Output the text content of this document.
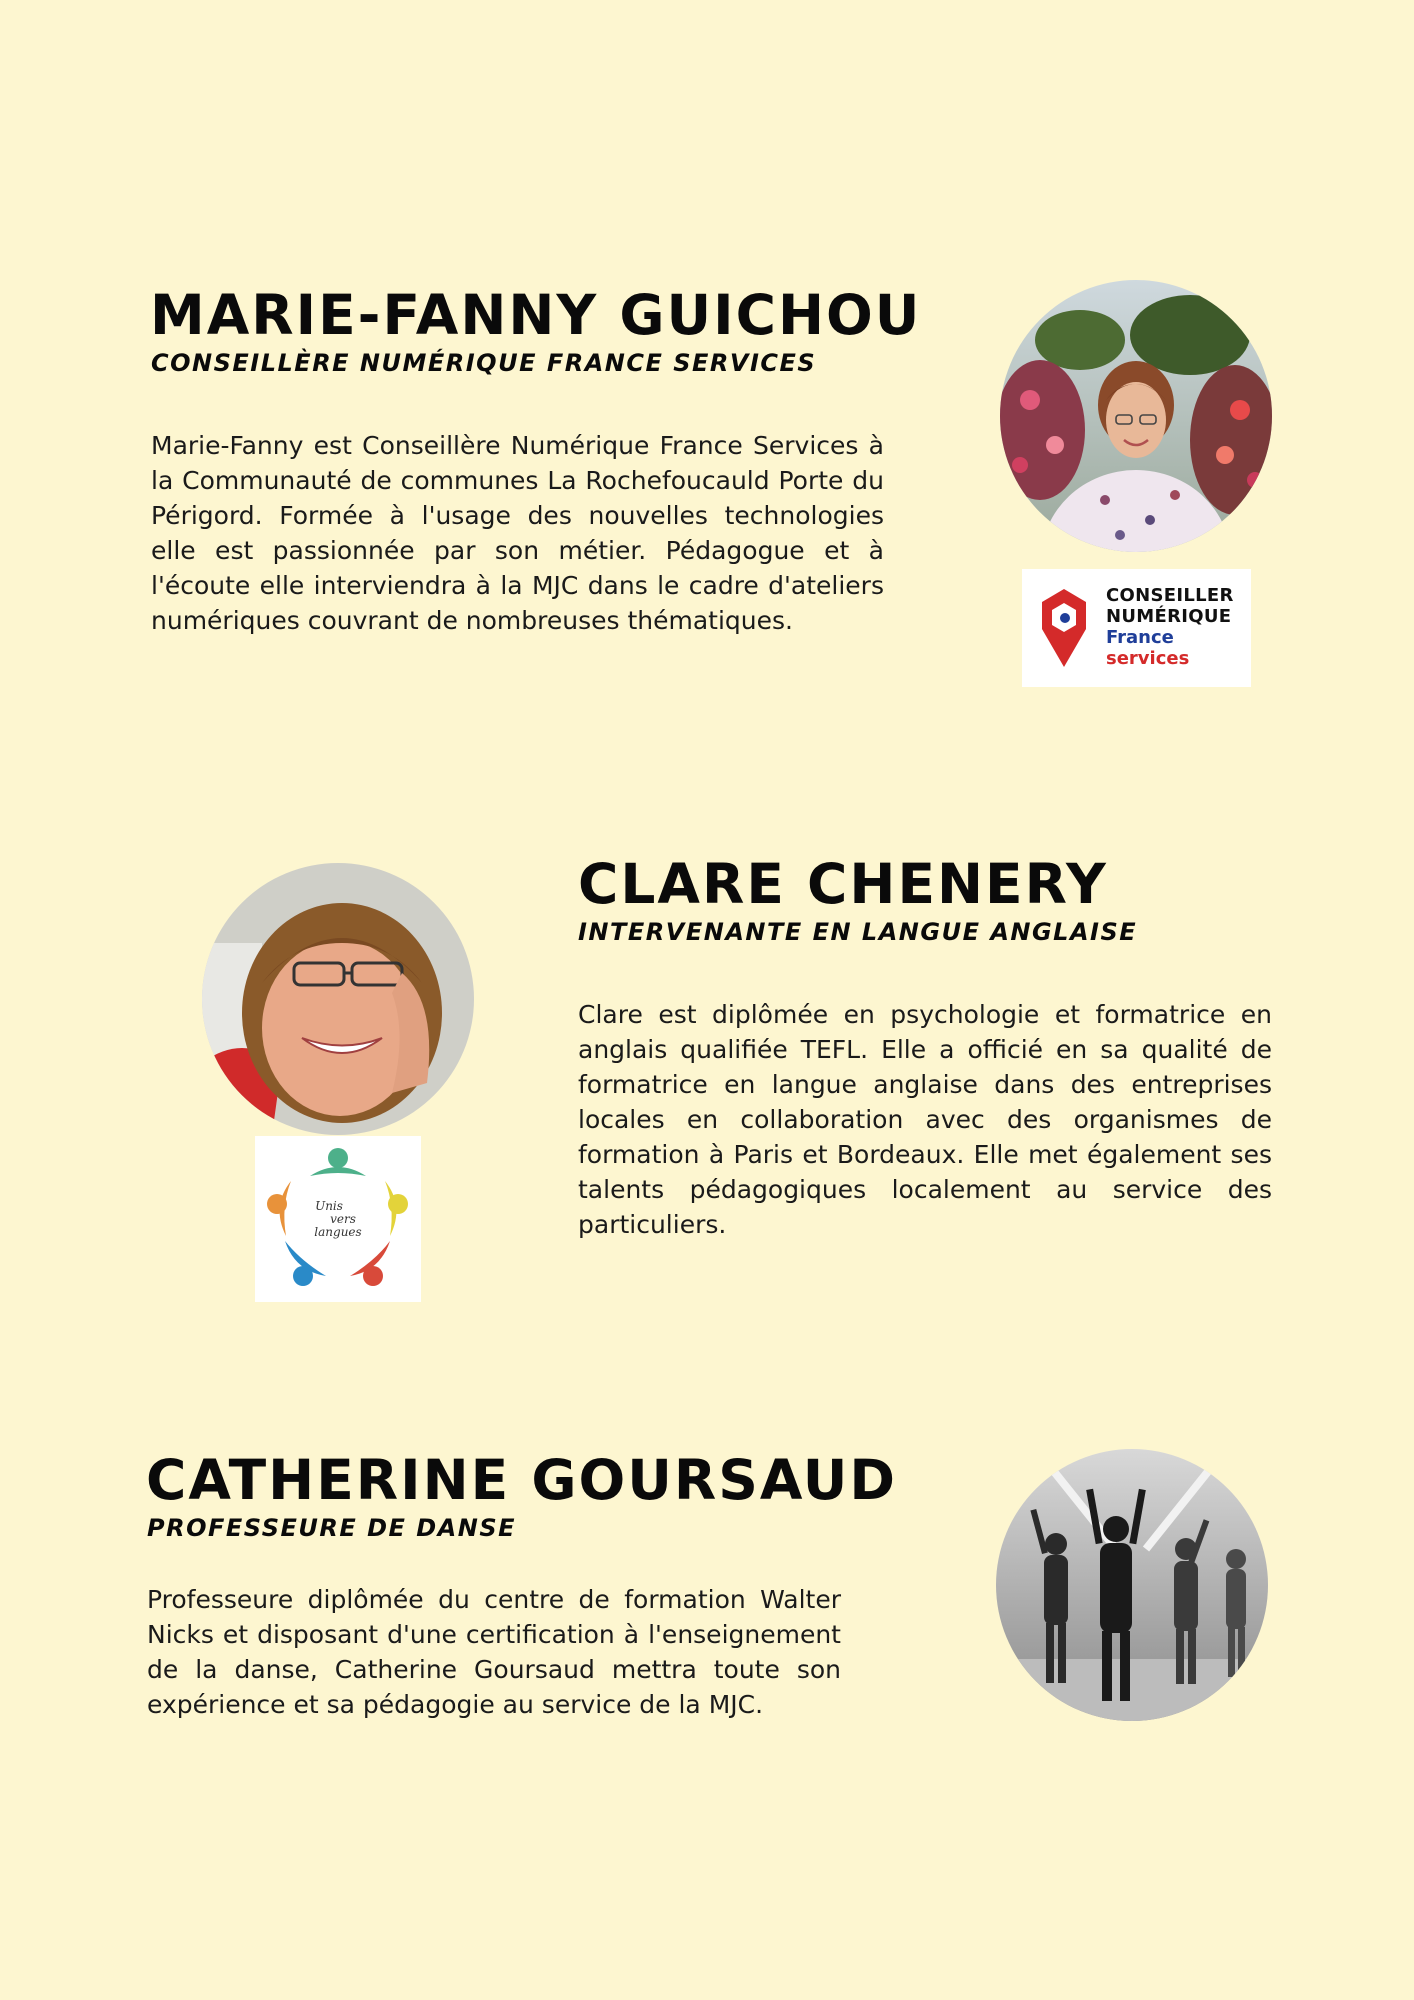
MARIE-FANNY GUICHOU
CONSEILLÈRE NUMÉRIQUE FRANCE SERVICES

Marie-Fanny est Conseillère Numérique France Services à la Communauté de communes La Rochefoucauld Porte du Périgord. Formée à l'usage des nouvelles technologies elle est passionnée par son métier. Pédagogue et à l'écoute elle interviendra à la MJC dans le cadre d'ateliers numériques couvrant de nombreuses thématiques.

CONSEILLER
NUMÉRIQUE
France
services
CLARE CHENERY
INTERVENANTE EN LANGUE ANGLAISE

Clare est diplômée en psychologie et formatrice en anglais qualifiée TEFL. Elle a officié en sa qualité de formatrice en langue anglaise dans des entreprises locales en collaboration avec des organismes de formation à Paris et Bordeaux. Elle met également ses talents pédagogiques localement au service des particuliers.

Unis
vers
langues
CATHERINE GOURSAUD
PROFESSEURE DE DANSE

Professeure diplômée du centre de formation Walter Nicks et disposant d'une certification à l'enseignement de la danse, Catherine Goursaud mettra toute son expérience et sa pédagogie au service de la MJC.
